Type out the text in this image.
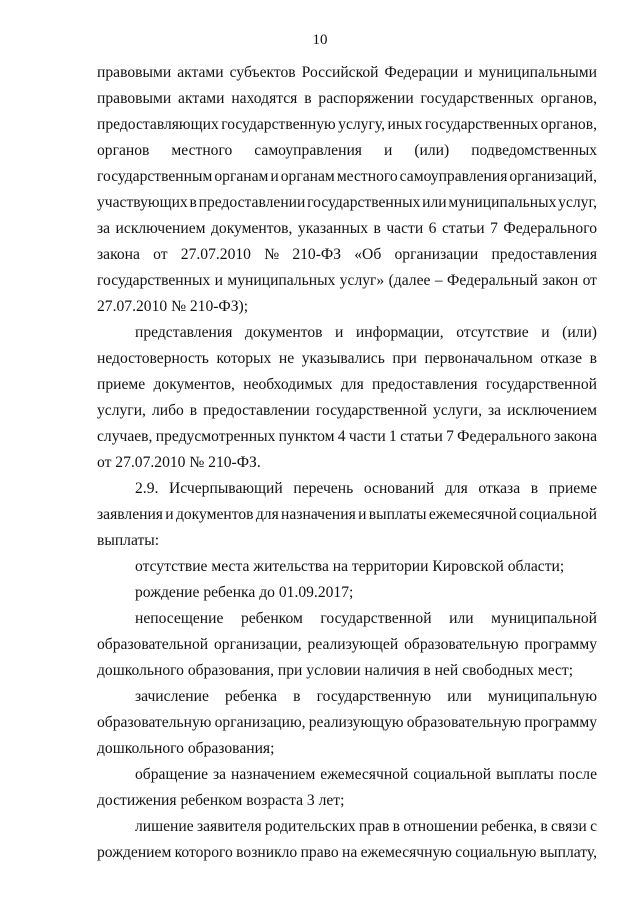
10
правовыми актами субъектов Российской Федерации и муниципальными
правовыми актами находятся в распоряжении государственных органов,
предоставляющих государственную услугу, иных государственных органов,
органов местного самоуправления и (или) подведомственных
государственным органам и органам местного самоуправления организаций,
участвующих в предоставлении государственных или муниципальных услуг,
за исключением документов, указанных в части 6 статьи 7 Федерального
закона от 27.07.2010 № 210-ФЗ «Об организации предоставления
государственных и муниципальных услуг» (далее – Федеральный закон от
27.07.2010 № 210-ФЗ);
представления документов и информации, отсутствие и (или)
недостоверность которых не указывались при первоначальном отказе в
приеме документов, необходимых для предоставления государственной
услуги, либо в предоставлении государственной услуги, за исключением
случаев, предусмотренных пунктом 4 части 1 статьи 7 Федерального закона
от 27.07.2010 № 210-ФЗ.
2.9. Исчерпывающий перечень оснований для отказа в приеме
заявления и документов для назначения и выплаты ежемесячной социальной
выплаты:
отсутствие места жительства на территории Кировской области;
рождение ребенка до 01.09.2017;
непосещение ребенком государственной или муниципальной
образовательной организации, реализующей образовательную программу
дошкольного образования, при условии наличия в ней свободных мест;
зачисление ребенка в государственную или муниципальную
образовательную организацию, реализующую образовательную программу
дошкольного образования;
обращение за назначением ежемесячной социальной выплаты после
достижения ребенком возраста 3 лет;
лишение заявителя родительских прав в отношении ребенка, в связи с
рождением которого возникло право на ежемесячную социальную выплату,
